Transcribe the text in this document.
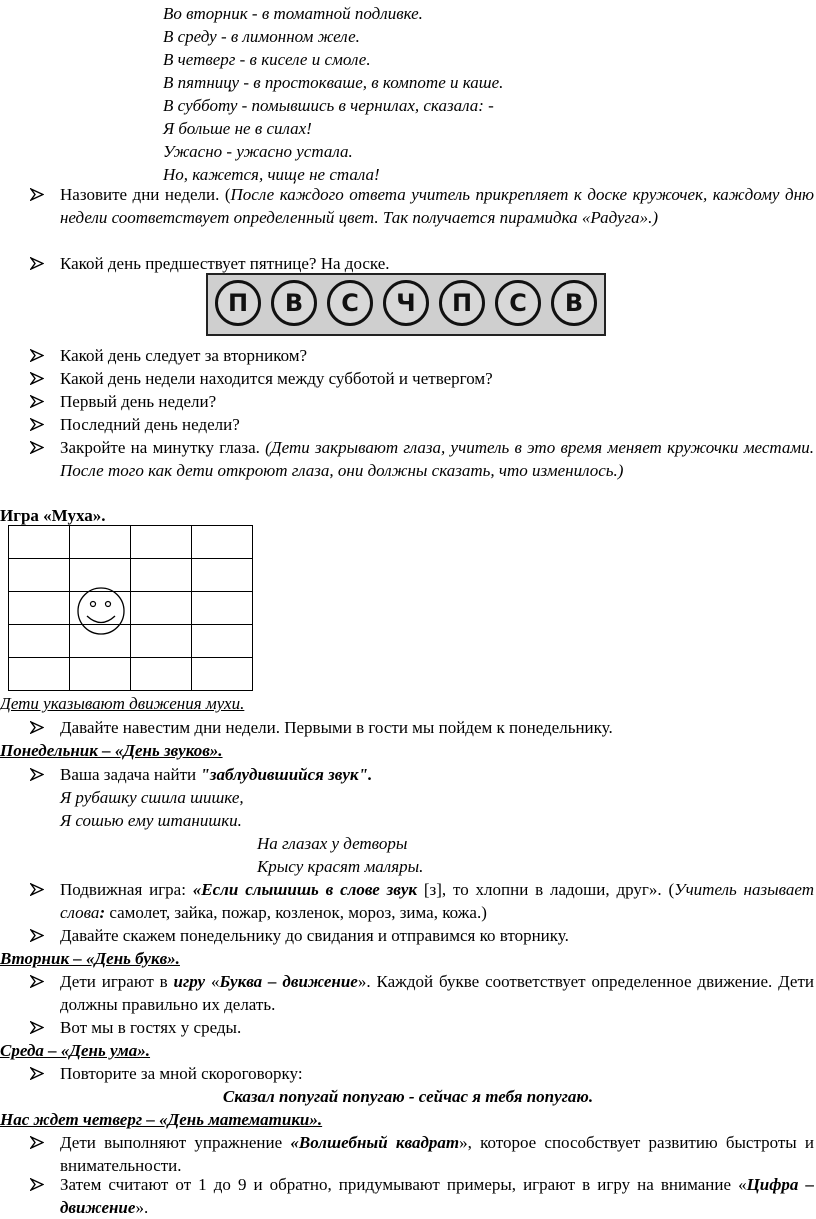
Во вторник - в томатной подливке.
В среду - в лимонном желе.
В четверг - в киселе и смоле.
В пятницу - в простокваше, в компоте и каше.
В субботу - помывшись в чернилах, сказала: -
Я больше не в силах!
Ужасно - ужасно устала.
Но, кажется, чище не стала!

Назовите дни недели. (После каждого ответа учитель прикрепляет к доске кружочек, каждому дню недели соответствует определенный цвет. Так получается пирамидка «Радуга».)

Какой день предшествует пятнице? На доске.
П	В	С	Ч	П	С	В
Какой день следует за вторником?
Какой день недели находится между субботой и четвергом?
Первый день недели?
Последний день недели?

Закройте на минутку глаза. (Дети закрывают глаза, учитель в это время меняет кружочки местами. После того как дети откроют глаза, они должны сказать, что изменилось.)

Игра «Муха».

Дети указывают движения мухи.
Давайте навестим дни недели. Первыми в гости мы пойдем к понедельнику.
Понедельник – «День звуков».
Ваша задача найти "заблудившийся звук".
Я рубашку сшила шишке,
Я сошью ему штанишки.
На глазах у детворы
Крысу красят маляры.

Подвижная игра: «Если слышишь в слове звук [з], то хлопни в ладоши, друг». (Учитель называет слова: самолет, зайка, пожар, козленок, мороз, зима, кожа.)

Давайте скажем понедельнику до свидания и отправимся ко вторнику.
Вторник – «День букв».

Дети играют в игру «Буква – движение». Каждой букве соответствует определенное движение. Дети должны правильно их делать.

Вот мы в гостях у среды.
Среда – «День ума».
Повторите за мной скороговорку:
Сказал попугай попугаю - сейчас я тебя попугаю.
Нас ждет четверг – «День математики».

Дети выполняют упражнение «Волшебный квадрат», которое способствует развитию быстроты и внимательности.

Затем считают от 1 до 9 и обратно, придумывают примеры, играют в игру на внимание «Цифра – движение».
